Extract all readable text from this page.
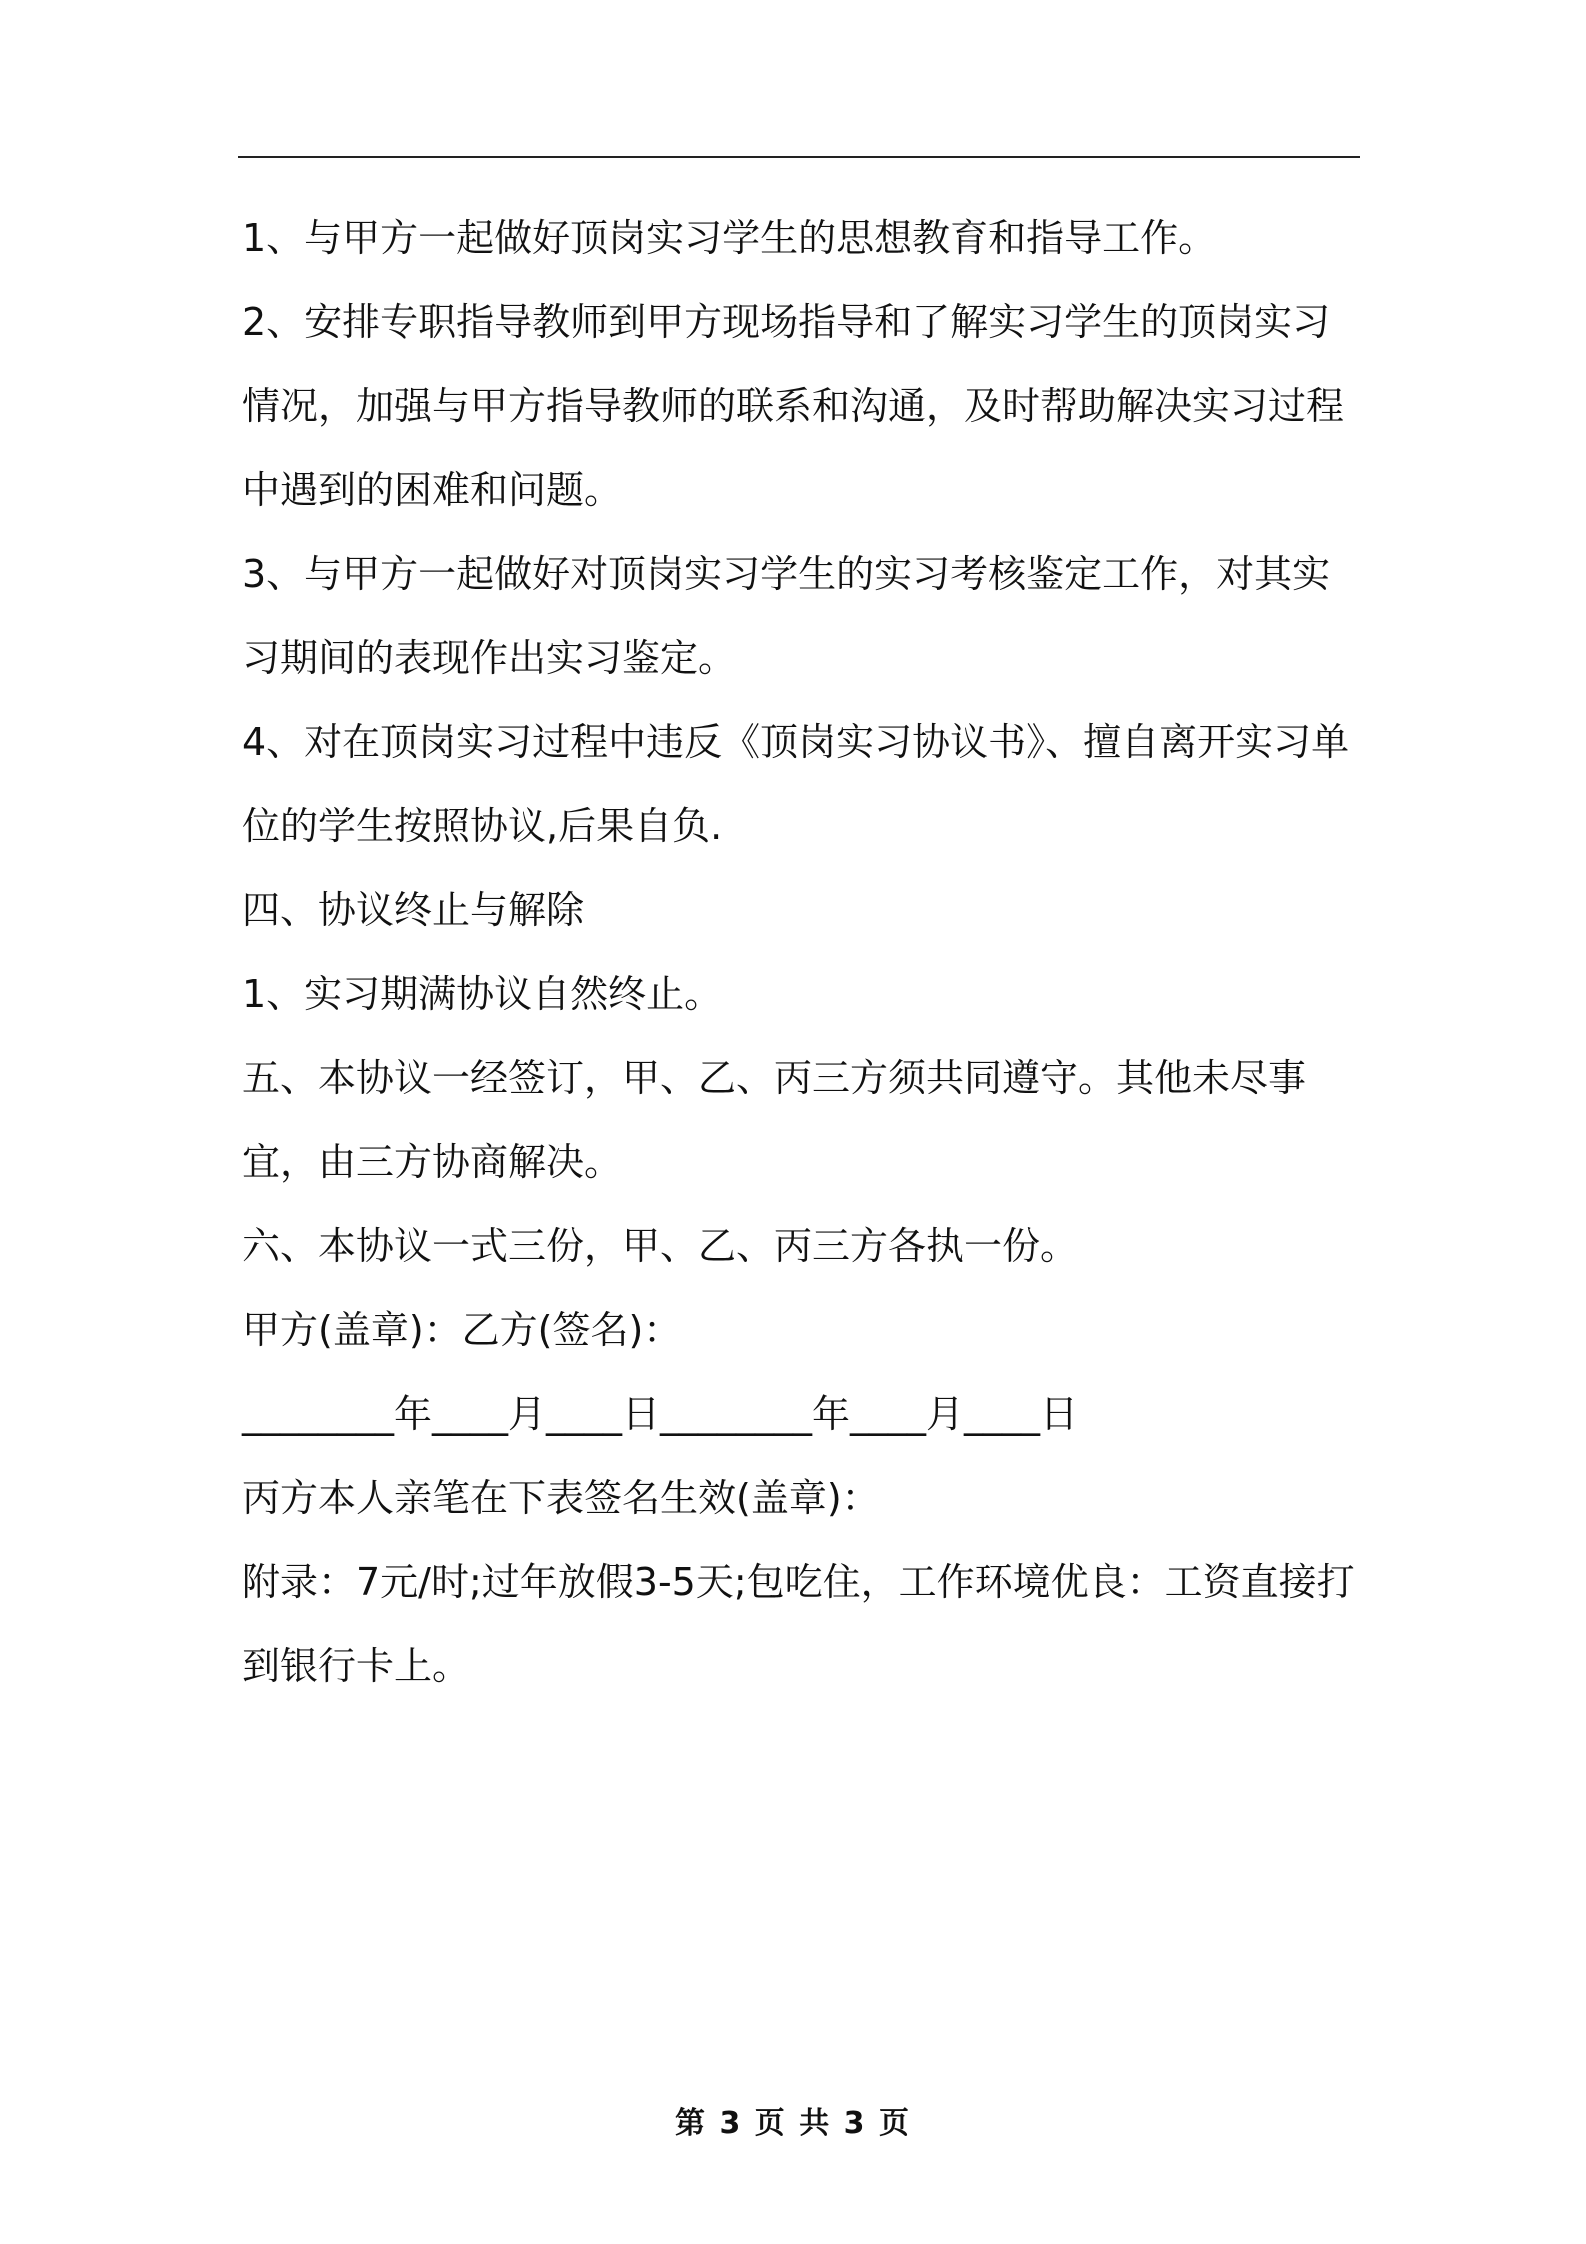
1、与甲方一起做好顶岗实习学生的思想教育和指导工作。

2、安排专职指导教师到甲方现场指导和了解实习学生的顶岗实习情况，加强与甲方指导教师的联系和沟通，及时帮助解决实习过程中遇到的困难和问题。

3、与甲方一起做好对顶岗实习学生的实习考核鉴定工作，对其实习期间的表现作出实习鉴定。

4、对在顶岗实习过程中违反《顶岗实习协议书》、擅自离开实习单位的学生按照协议,后果自负.

四、协议终止与解除

1、实习期满协议自然终止。

五、本协议一经签订，甲、乙、丙三方须共同遵守。其他未尽事宜，由三方协商解决。

六、本协议一式三份，甲、乙、丙三方各执一份。

甲方(盖章)：乙方(签名)：

________年____月____日________年____月____日

丙方本人亲笔在下表签名生效(盖章)：

附录：7元/时;过年放假3-5天;包吃住，工作环境优良：工资直接打到银行卡上。

第 3 页 共 3 页
